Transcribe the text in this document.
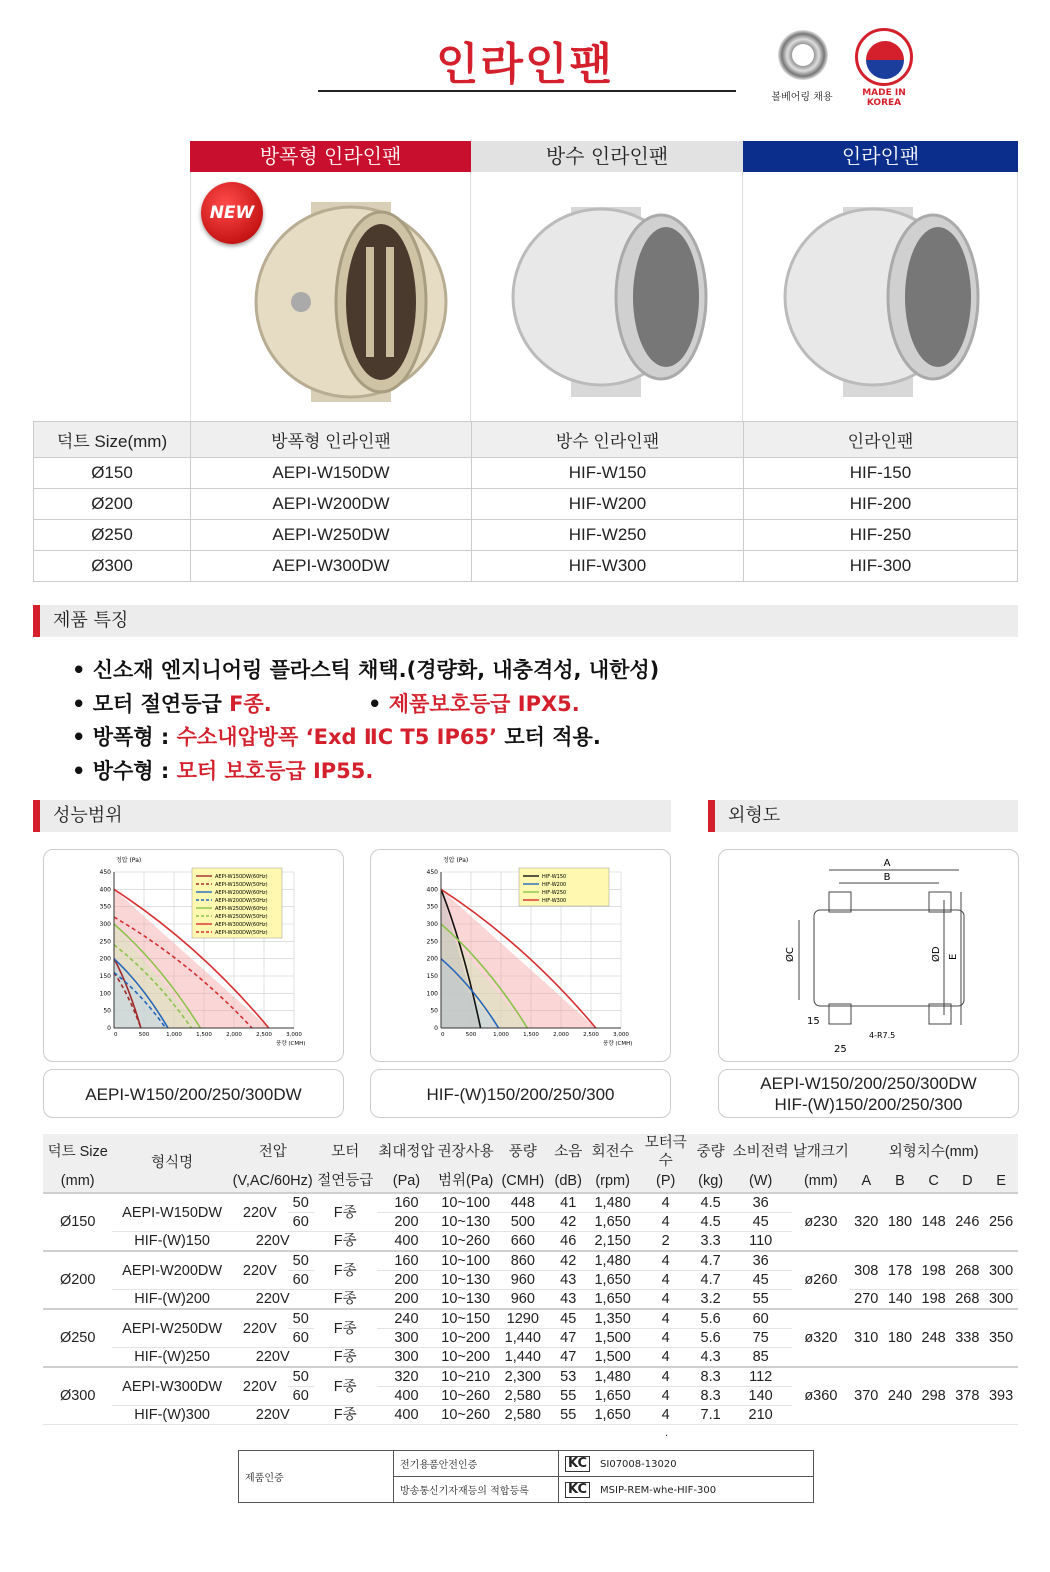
인라인팬
볼베어링 채용	MADE IN KOREA
방폭형 인라인팬	방수 인라인팬	인라인팬
NEW
덕트 Size(mm)	방폭형 인라인팬	방수 인라인팬	인라인팬
Ø150	AEPI-W150DW	HIF-W150	HIF-150
Ø200	AEPI-W200DW	HIF-W200	HIF-200
Ø250	AEPI-W250DW	HIF-W250	HIF-250
Ø300	AEPI-W300DW	HIF-W300	HIF-300
제품 특징
• 신소재 엔지니어링 플라스틱 채택.(경량화, 내충격성, 내한성)
• 모터 절연등급 F종.	• 제품보호등급 IPX5.
• 방폭형 : 수소내압방폭 ‘Exd ⅡC T5 IP65’ 모터 적용.
• 방수형 : 모터 보호등급 IP55.
성능범위	외형도
450
400
350
300
250
200
150
100
50
0
500	1,000	1,500	2,000	2,500	3,000
0
정압 (Pa)
풍량 (CMH)
AEPI-W150DW(60Hz)
AEPI-W150DW(50Hz)
AEPI-W200DW(60Hz)
AEPI-W200DW(50Hz)
AEPI-W250DW(60Hz)
AEPI-W250DW(50Hz)
AEPI-W300DW(60Hz)
AEPI-W300DW(50Hz)
450
400
350
300
250
200
150
100
50
0
500	1,000	1,500	2,000	2,500	3,000
0
정압 (Pa)
풍량 (CMH)
HIF-W150
HIF-W200
HIF-W250
HIF-W300
A
B
ØC	ØD E
15
25
4-R7.5
AEPI-W150/200/250/300DW	HIF-(W)150/200/250/300
AEPI-W150/200/250/300DW
HIF-(W)150/200/250/300
덕트 Size	형식명	전압		모터	최대정압	권장사용	풍량	소음	회전수	모터극수	중량	소비전력	날개크기	외형치수(mm)				
(mm)		(V,AC/60Hz)		절연등급	(Pa)	범위(Pa)	(CMH)	(dB)	(rpm)	(P)	(kg)	(W)	(mm)	A	B	C	D	E
Ø150	AEPI-W150DW	220V	50	F종	160	10~100	448	41	1,480	4	4.5	36	ø230	320	180	148	246	256
			60		200	10~130	500	42	1,650	4	4.5	45						
	HIF-(W)150	220V		F종	400	10~260	660	46	2,150	2	3.3	110						
Ø200	AEPI-W200DW	220V	50	F종	160	10~100	860	42	1,480	4	4.7	36	ø260	308	178	198	268	300
			60		200	10~130	960	43	1,650	4	4.7	45						
	HIF-(W)200	220V		F종	200	10~130	960	43	1,650	4	3.2	55		270	140	198	268	300
Ø250	AEPI-W250DW	220V	50	F종	240	10~150	1290	45	1,350	4	5.6	60	ø320	310	180	248	338	350
			60		300	10~200	1,440	47	1,500	4	5.6	75						
	HIF-(W)250	220V		F종	300	10~200	1,440	47	1,500	4	4.3	85						
Ø300	AEPI-W300DW	220V	50	F종	320	10~210	2,300	53	1,480	4	8.3	112	ø360	370	240	298	378	393
			60		400	10~260	2,580	55	1,650	4	8.3	140						
	HIF-(W)300	220V		F종	400	10~260	2,580	55	1,650	4	7.1	210						
.
제품인증	전기용품안전인증	KC SI07008-13020
	방송통신기자재등의 적합등록	KC MSIP-REM-whe-HIF-300
